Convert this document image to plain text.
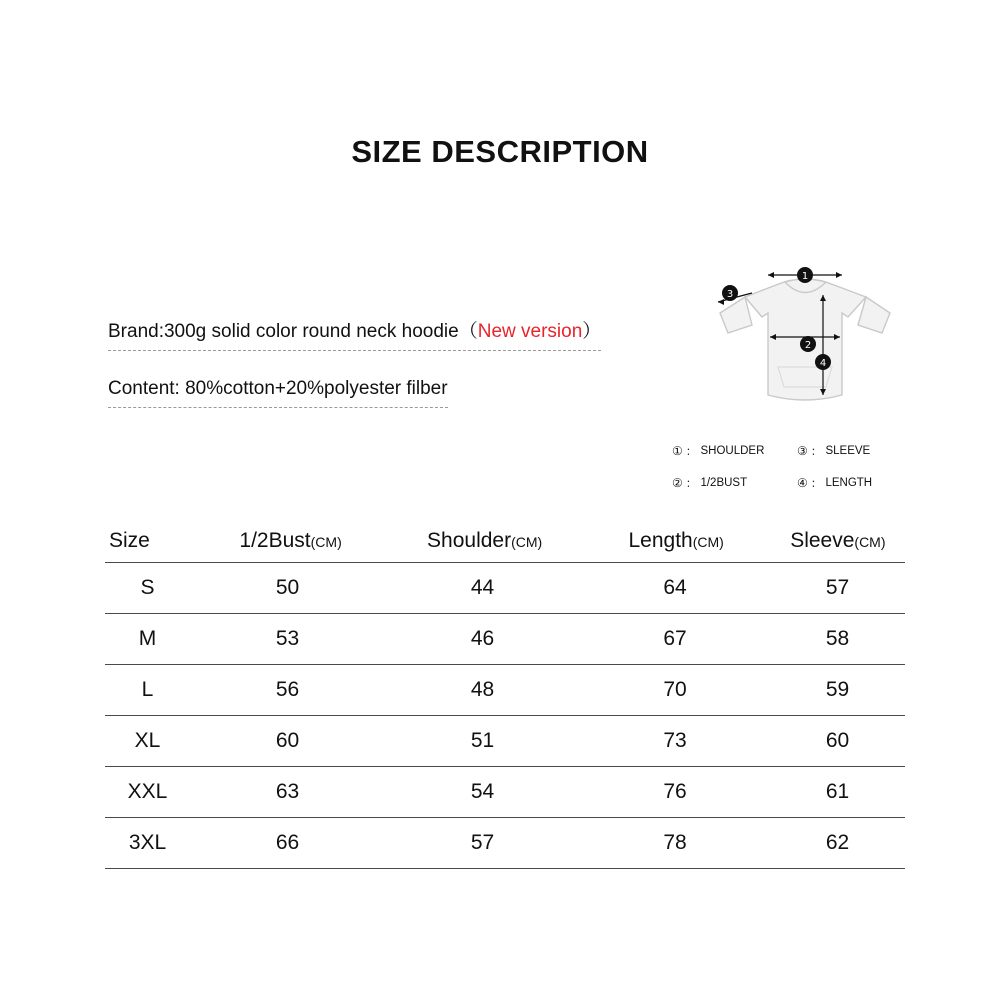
SIZE DESCRIPTION
Brand:300g solid color round neck hoodie（New version）
Content: 80%cotton+20%polyester filber
1
3
2
4
① ：
SHOULDER	③ ：
SLEEVE
② ：
1/2BUST	④ ：
LENGTH
Size	1/2Bust(CM)	Shoulder(CM)	Length(CM)	Sleeve(CM)
S	50	44	64	57
M	53	46	67	58
L	56	48	70	59
XL	60	51	73	60
XXL	63	54	76	61
3XL	66	57	78	62
